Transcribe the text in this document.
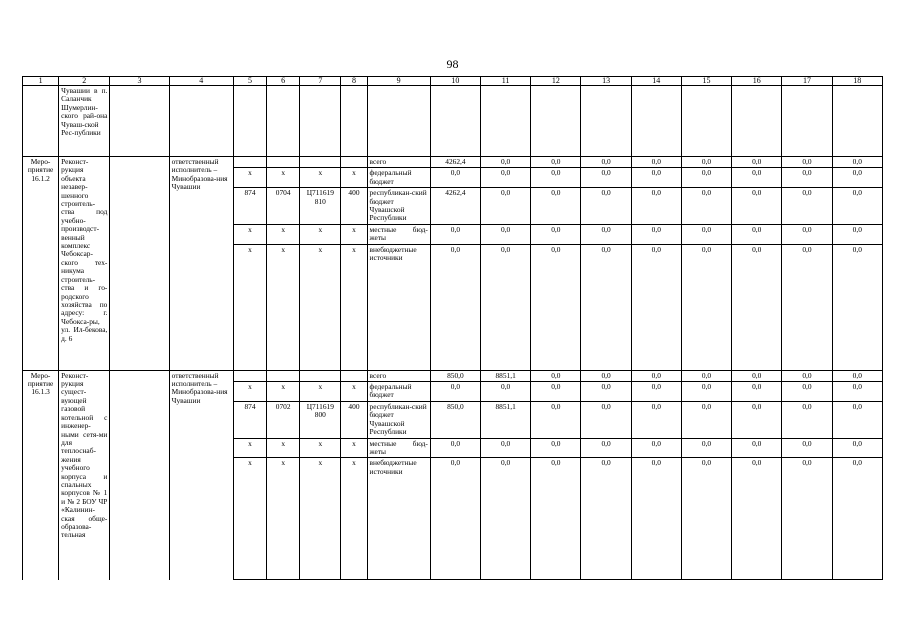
98
1	2	3	4	5	6	7	8	9	10	11	12	13	14	15	16	17	18
	Чувашии в п. Саланчик Шумерлин-ского рай-она Чуваш-ской Рес-публики																
Меро-приятие 16.1.2	Реконст-рукция объекта незавер-шенного строитель-ства под учебно-производст-венный комплекс Чебоксар-ского тех-никума строитель-ства и го-родского хозяйства по адресу: г. Чебокса-ры, ул. Ил-бекова, д. 6		ответственный исполнитель – Минобразова-ния Чувашии					всего	4262,4	0,0	0,0	0,0	0,0	0,0	0,0	0,0	0,0
				x	x	x	x	федеральный бюджет	0,0	0,0	0,0	0,0	0,0	0,0	0,0	0,0	0,0
				874	0704	Ц711619 810	400	республикан-ский бюджет Чувашской Республики	4262,4	0,0	0,0	0,0	0,0	0,0	0,0	0,0	0,0
				x	x	x	x	местные бюд-жеты	0,0	0,0	0,0	0,0	0,0	0,0	0,0	0,0	0,0
				x	x	x	x	внебюджетные источники	0,0	0,0	0,0	0,0	0,0	0,0	0,0	0,0	0,0
Меро-приятие 16.1.3	Реконст-рукция сущест-вующей газовой котельной с инженер-ными сетя-ми для теплоснаб-жения учебного корпуса и спальных корпусов № 1 и № 2 БОУ ЧР «Калинин-ская обще-образова-тельная		ответственный исполнитель – Минобразова-ния Чувашии					всего	850,0	8851,1	0,0	0,0	0,0	0,0	0,0	0,0	0,0
				x	x	x	x	федеральный бюджет	0,0	0,0	0,0	0,0	0,0	0,0	0,0	0,0	0,0
				874	0702	Ц711619 800	400	республикан-ский бюджет Чувашской Республики	850,0	8851,1	0,0	0,0	0,0	0,0	0,0	0,0	0,0
				x	x	x	x	местные бюд-жеты	0,0	0,0	0,0	0,0	0,0	0,0	0,0	0,0	0,0
				x	x	x	x	внебюджетные источники	0,0	0,0	0,0	0,0	0,0	0,0	0,0	0,0	0,0
